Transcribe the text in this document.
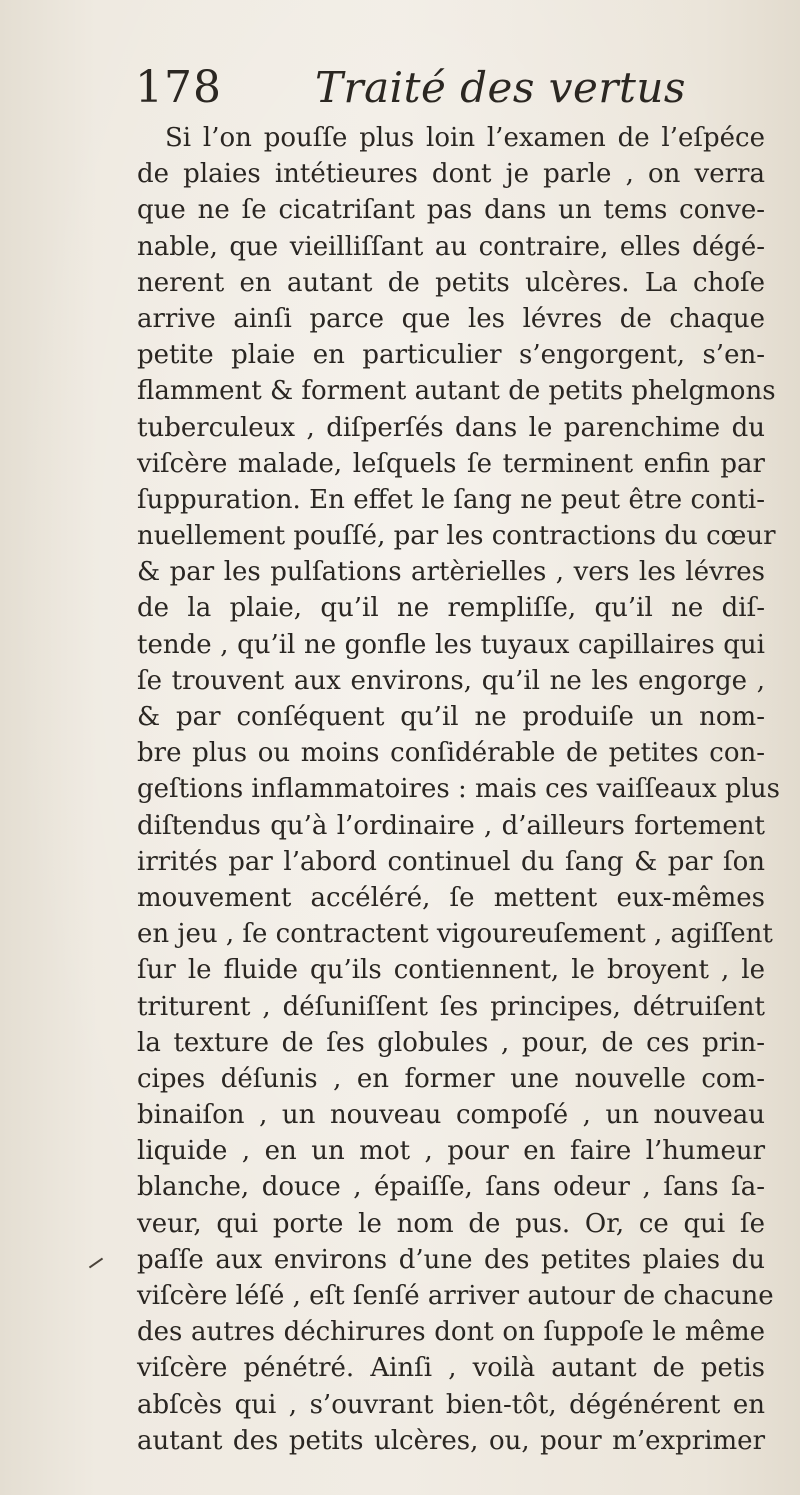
178 Traité des vertus
Si l’on pouſſe plus loin l’examen de l’eſpéce
de plaies intétieures dont je parle , on verra
que ne ſe cicatriſant pas dans un tems conve-
nable, que vieilliſſant au contraire, elles dégé-
nerent en autant de petits ulcères. La choſe
arrive ainſi parce que les lévres de chaque
petite plaie en particulier s’engorgent, s’en-
flamment & forment autant de petits phelgmons
tuberculeux , diſperſés dans le parenchime du
viſcère malade, leſquels ſe terminent enfin par
ſuppuration. En effet le ſang ne peut être conti-
nuellement pouſſé, par les contractions du cœur
& par les pulſations artèrielles , vers les lévres
de la plaie, qu’il ne rempliſſe, qu’il ne diſ-
tende , qu’il ne gonfle les tuyaux capillaires qui
ſe trouvent aux environs, qu’il ne les engorge ,
& par conſéquent qu’il ne produiſe un nom-
bre plus ou moins conſidérable de petites con-
geſtions inflammatoires : mais ces vaiſſeaux plus
diſtendus qu’à l’ordinaire , d’ailleurs fortement
irrités par l’abord continuel du ſang & par ſon
mouvement accéléré, ſe mettent eux-mêmes
en jeu , ſe contractent vigoureuſement , agiſſent
ſur le fluide qu’ils contiennent, le broyent , le
triturent , déſuniſſent ſes principes, détruiſent
la texture de ſes globules , pour, de ces prin-
cipes déſunis , en former une nouvelle com-
binaiſon , un nouveau compoſé , un nouveau
liquide , en un mot , pour en faire l’humeur
blanche, douce , épaiſſe, ſans odeur , ſans ſa-
veur, qui porte le nom de pus. Or, ce qui ſe
paſſe aux environs d’une des petites plaies du
viſcère léſé , eſt ſenſé arriver autour de chacune
des autres déchirures dont on ſuppoſe le même
viſcère pénétré. Ainſi , voilà autant de petis
abſcès qui , s’ouvrant bien-tôt, dégénérent en
autant des petits ulcères, ou, pour m’exprimer
